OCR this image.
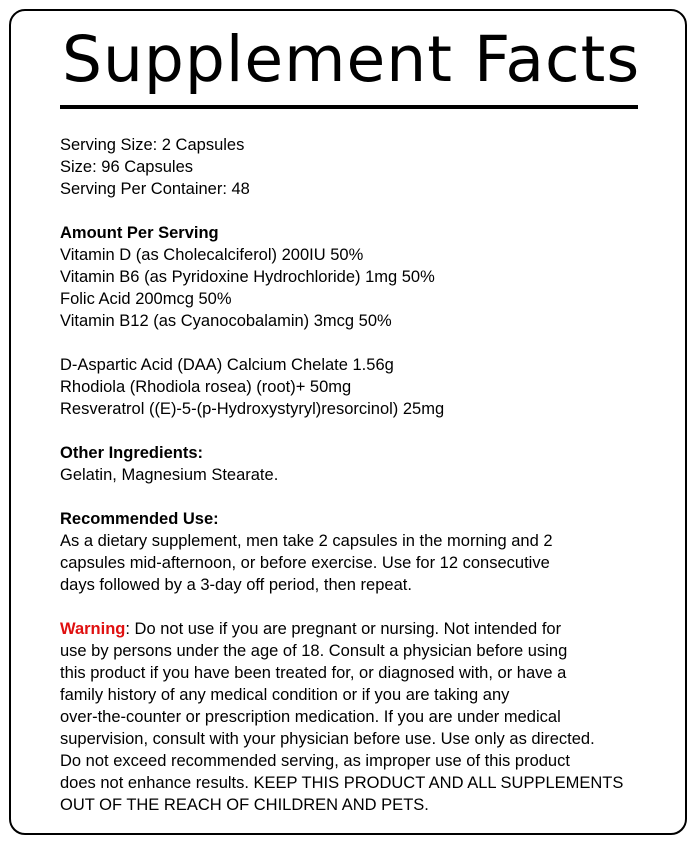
Supplement Facts

Serving Size: 2 Capsules

Size: 96 Capsules

Serving Per Container: 48

Amount Per Serving

Vitamin D (as Cholecalciferol) 200IU 50%

Vitamin B6 (as Pyridoxine Hydrochloride) 1mg 50%

Folic Acid 200mcg 50%

Vitamin B12 (as Cyanocobalamin) 3mcg 50%

D-Aspartic Acid (DAA) Calcium Chelate 1.56g

Rhodiola (Rhodiola rosea) (root)+ 50mg

Resveratrol ((E)-5-(p-Hydroxystyryl)resorcinol) 25mg

Other Ingredients:

Gelatin, Magnesium Stearate.

Recommended Use:

As a dietary supplement, men take 2 capsules in the morning and 2

capsules mid-afternoon, or before exercise. Use for 12 consecutive

days followed by a 3-day off period, then repeat.

Warning: Do not use if you are pregnant or nursing. Not intended for

use by persons under the age of 18. Consult a physician before using

this product if you have been treated for, or diagnosed with, or have a

family history of any medical condition or if you are taking any

over-the-counter or prescription medication. If you are under medical

supervision, consult with your physician before use. Use only as directed.

Do not exceed recommended serving, as improper use of this product

does not enhance results. KEEP THIS PRODUCT AND ALL SUPPLEMENTS

OUT OF THE REACH OF CHILDREN AND PETS.
